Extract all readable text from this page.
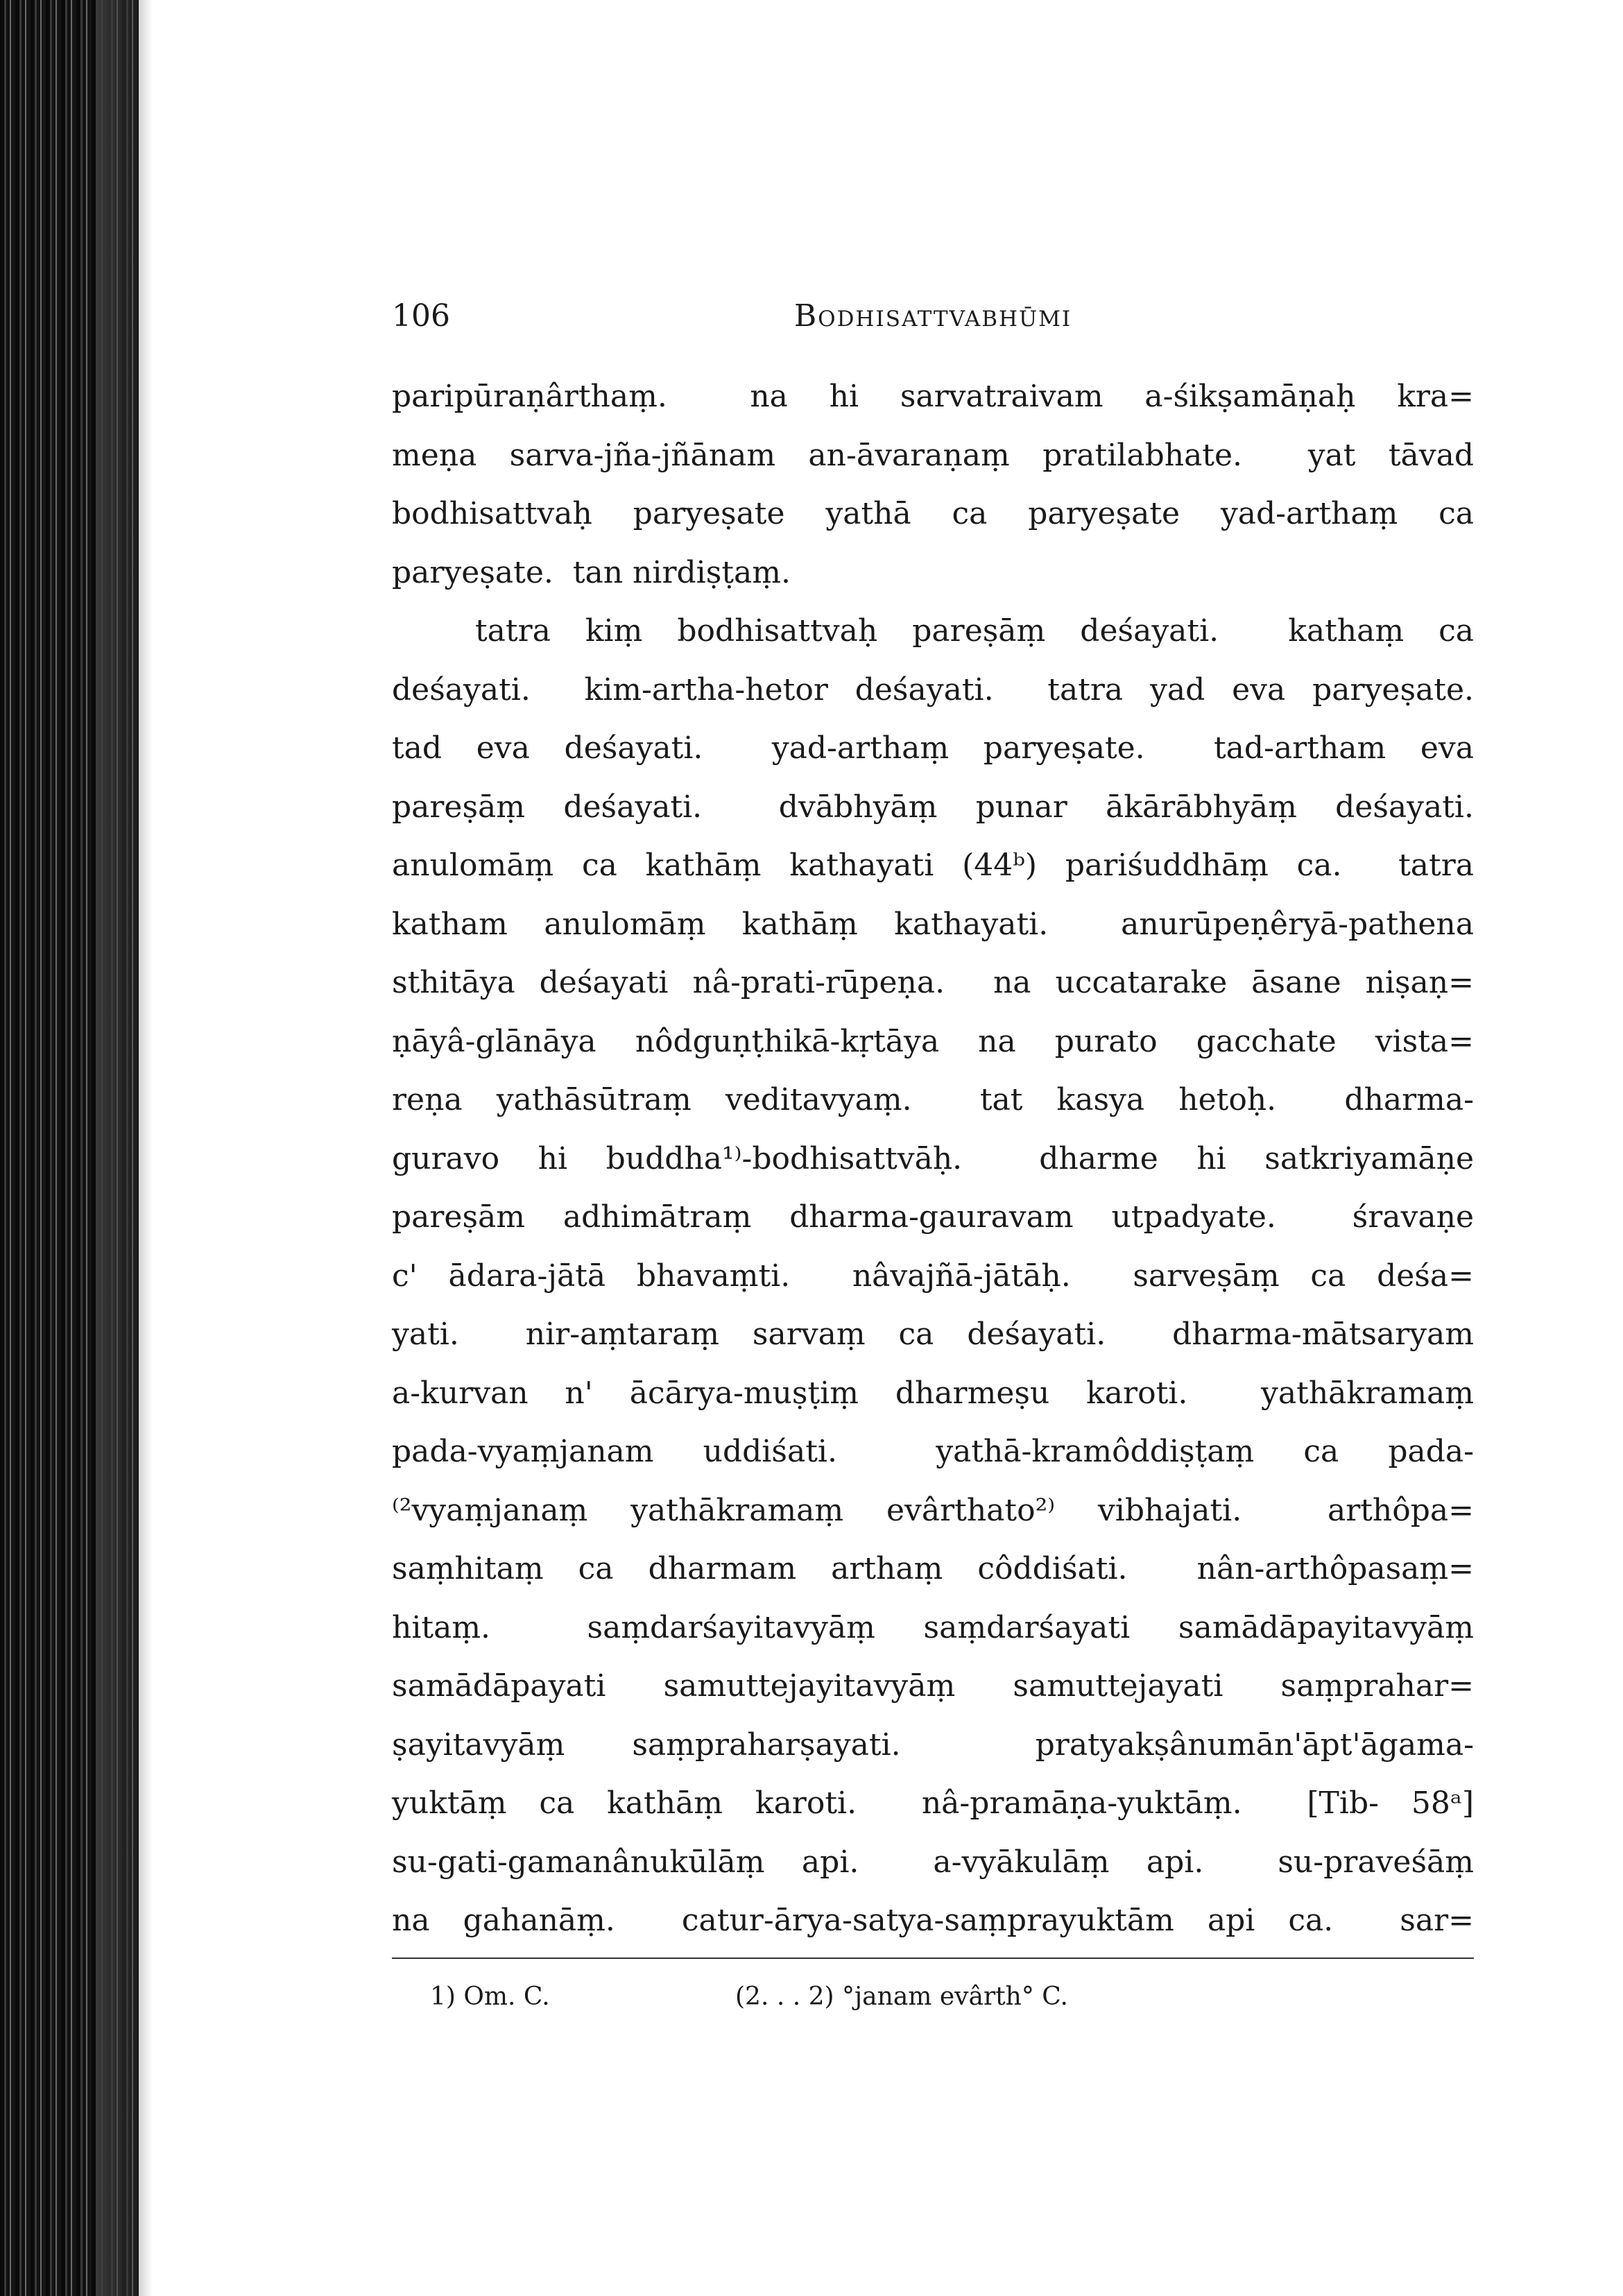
106	Bodhisattvabhūmi
paripūraṇârthaṃ.  na hi sarvatraivam a-śikṣamāṇaḥ kra=
meṇa sarva-jña-jñānam an-āvaraṇaṃ pratilabhate.  yat tāvad
bodhisattvaḥ paryeṣate yathā ca paryeṣate yad-arthaṃ ca
paryeṣate.  tan nirdiṣṭaṃ.
tatra kiṃ bodhisattvaḥ pareṣāṃ deśayati.  kathaṃ ca
deśayati.  kim-artha-hetor deśayati.  tatra yad eva paryeṣate.
tad eva deśayati.  yad-arthaṃ paryeṣate.  tad-artham eva
pareṣāṃ deśayati.  dvābhyāṃ punar ākārābhyāṃ deśayati.
anulomāṃ ca kathāṃ kathayati (44ᵇ) pariśuddhāṃ ca.  tatra
katham anulomāṃ kathāṃ kathayati.  anurūpeṇêryā-pathena
sthitāya deśayati nâ-prati-rūpeṇa.  na uccatarake āsane niṣaṇ=
ṇāyâ-glānāya nôdguṇṭhikā-kṛtāya na purato gacchate vista=
reṇa yathāsūtraṃ veditavyaṃ.  tat kasya hetoḥ.  dharma-
guravo hi buddha¹⁾-bodhisattvāḥ.  dharme hi satkriyamāṇe
pareṣām adhimātraṃ dharma-gauravam utpadyate.  śravaṇe
c' ādara-jātā bhavaṃti.  nâvajñā-jātāḥ.  sarveṣāṃ ca deśa=
yati.  nir-aṃtaraṃ sarvaṃ ca deśayati.  dharma-mātsaryam
a-kurvan n' ācārya-muṣṭiṃ dharmeṣu karoti.  yathākramaṃ
pada-vyaṃjanam uddiśati.  yathā-kramôddiṣṭaṃ ca pada-
⁽²vyaṃjanaṃ yathākramaṃ evârthato²⁾ vibhajati.  arthôpa=
saṃhitaṃ ca dharmam arthaṃ côddiśati.  nân-arthôpasaṃ=
hitaṃ.  saṃdarśayitavyāṃ saṃdarśayati samādāpayitavyāṃ
samādāpayati samuttejayitavyāṃ samuttejayati saṃprahar=
ṣayitavyāṃ saṃpraharṣayati.  pratyakṣânumān'āpt'āgama-
yuktāṃ ca kathāṃ karoti.  nâ-pramāṇa-yuktāṃ.  [Tib- 58ᵃ]
su-gati-gamanânukūlāṃ api.  a-vyākulāṃ api.  su-praveśāṃ
na gahanāṃ.  catur-ārya-satya-saṃprayuktām api ca.  sar=
1) Om. C.	(2. . . 2) °janam evârth° C.
